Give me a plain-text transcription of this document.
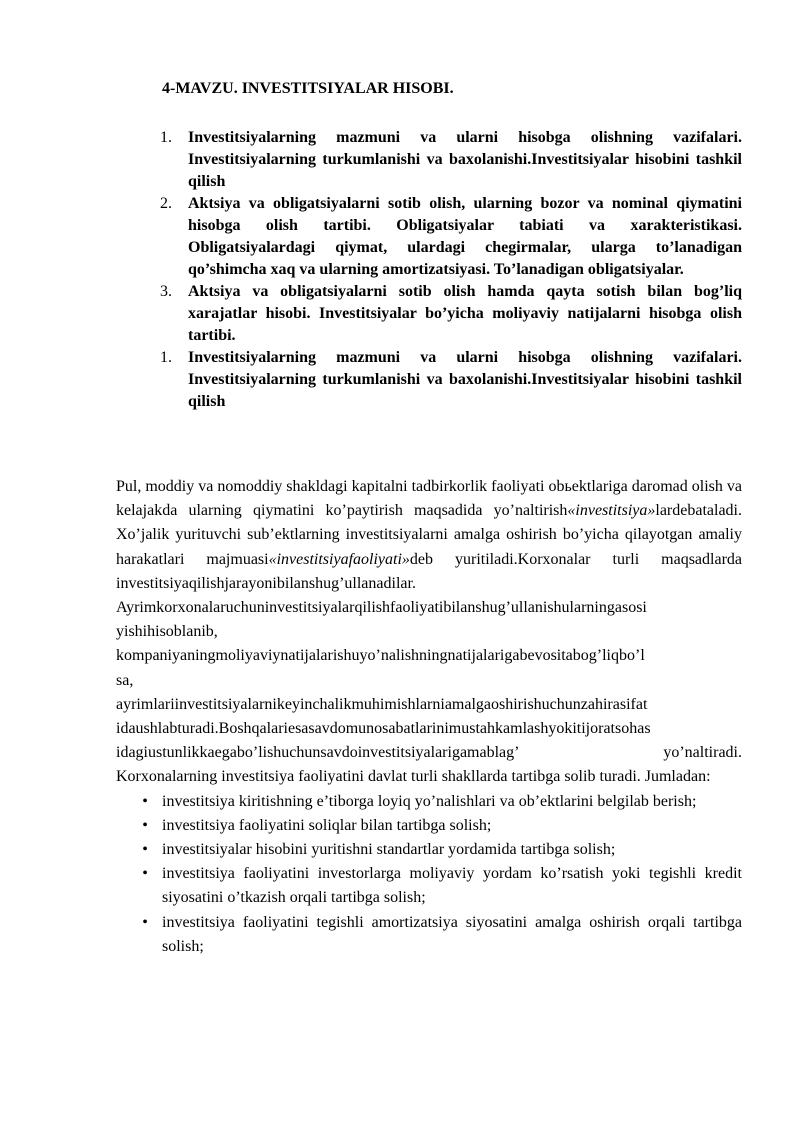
4-MAVZU. INVESTITSIYALAR HISOBI.
1.	Investitsiyalarning mazmuni va ularni hisobga olishning vazifalari. Investitsiyalarning turkumlanishi va baxolanishi.Investitsiyalar hisobini tashkil qilish
2.	Aktsiya va obligatsiyalarni sotib olish, ularning bozor va nominal qiymatini hisobga olish tartibi. Obligatsiyalar tabiati va xarakteristikasi. Obligatsiyalardagi qiymat, ulardagi chegirmalar, ularga to’lanadigan qo’shimcha xaq va ularning amortizatsiyasi. To’lanadigan obligatsiyalar.
3.	Aktsiya va obligatsiyalarni sotib olish hamda qayta sotish bilan bog’liq xarajatlar hisobi. Investitsiyalar bo’yicha moliyaviy natijalarni hisobga olish tartibi.
1.	Investitsiyalarning mazmuni va ularni hisobga olishning vazifalari. Investitsiyalarning turkumlanishi va baxolanishi.Investitsiyalar hisobini tashkil qilish

Pul, moddiy va nomoddiy shakldagi kapitalni tadbirkorlik faoliyati obьektlariga daromad olish va kelajakda ularning qiymatini ko’paytirish maqsadida yo’naltirish«investitsiya»lardebataladi. Xo’jalik yurituvchi sub’ektlarning investitsiyalarni amalga oshirish bo’yicha qilayotgan amaliy harakatlari majmuasi«investitsiyafaoliyati»deb yuritiladi.Korxonalar turli maqsadlarda investitsiyaqilishjarayonibilanshug’ullanadilar.

Ayrimkorxonalaruchuninvestitsiyalarqilishfaoliyatibilanshug’ullanishularningasosi
yishihisoblanib,
kompaniyaningmoliyaviynatijalarishuyo’nalishningnatijalarigabevositabog’liqbo’l
sa,
ayrimlariinvestitsiyalarnikeyinchalikmuhimishlarniamalgaoshirishuchunzahirasifat
idaushlabturadi.Boshqalariesasavdomunosabatlarinimustahkamlashyokitijoratsohas
idagiustunlikkaegabo’lishuchunsavdoinvestitsiyalarigamablag’ yo’naltiradi.

Korxonalarning investitsiya faoliyatini davlat turli shakllarda tartibga solib turadi. Jumladan:

• investitsiya kiritishning e’tiborga loyiq yo’nalishlari va ob’ektlarini belgilab berish;
• investitsiya faoliyatini soliqlar bilan tartibga solish;
• investitsiyalar hisobini yuritishni standartlar yordamida tartibga solish;
• investitsiya faoliyatini investorlarga moliyaviy yordam ko’rsatish yoki tegishli kredit siyosatini o’tkazish orqali tartibga solish;
• investitsiya faoliyatini tegishli amortizatsiya siyosatini amalga oshirish orqali tartibga solish;
